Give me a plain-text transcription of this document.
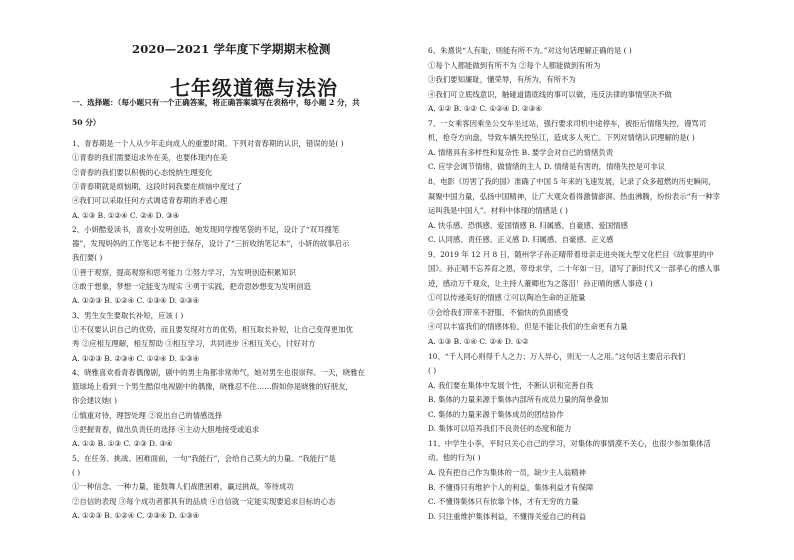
2020—2021 学年度下学期期末检测
七年级道德与法治
一、选择题：（每小题只有一个正确答案，将正确答案填写在表格中，每小题 2 分，共
50 分）
1、青春期是一个人从少年走向成人的重要时期。下列对青春期的认识，错误的是( )
①青春的我们需要追求外在美，也要体现内在美
②青春的我们要以积极的心态悦纳生理变化
③青春期就是烦恼期，这段时间我要在烦恼中度过了
④我们可以采取任何方式调适青春期的矛盾心理
A. ①③ B. ①②④ C. ②④ D. ③④
2、小妍酷爱读书，喜欢小发明创造，她发现同学搜笔袋的不足，设计了“双耳搜笔
器”，发现妈妈的工作笔记本不便于保存，设计了“三折收纳笔记本”，小妍的故事启示
我们要( )
①善于观察，提高观察和思考能力 ②努力学习，为发明创造积累知识
③敢于想象，梦想一定能变为现实 ④勇于实践，把奇思妙想变为发明创造
A. ①②③ B. ①②④ C. ①③④ D. ②③④
3、男生女生要取长补短，应该 ( )
①不仅要认识自己的优势，而且要发现对方的优势，相互取长补短，让自己变得更加优
秀 ②应相互理解，相互帮助 ③相互学习，共同进步 ④相互关心，讨好对方
A. ①②③ B. ②③④ C. ①②④ D. ①③④
4、晓雅喜欢看青春偶像剧，剧中的男主角都非常帅气，她对男生也很崇拜。一天，晓雅在
篮球场上看到一个男生酷似电视剧中的偶像，晓雅忍不住……假如你是晓雅的好朋友，
你会建议她( )
①慎重对待，理智处理 ②说出自己的情感选择
③把握青春，做出负责任的选择 ④主动大胆地接受或追求
A. ①② B. ①③ C. ②③ D. ③④
5、在任务、挑战、困难面前，一句“我能行”，会给自己莫大的力量。“我能行”是
( )
①一种信念、一种力量，能鼓舞人们战胜困难，赢过挑战，等待成功
②自信的表现 ③每个成功者都具有的品质 ④自信就一定能实现要追求目标的心态
A. ①②③ B. ①②④ C. ②③④ D. ①③④
6、朱熹说“人有耻，则能有所不为。”对这句话理解正确的是 ( )
①每个人都能做到有所不为 ②每个人都能做到有所为
③我们要知廉耻，懂荣辱，有所为，有所不为
④我们可立底线意识，触碰道德底线的事可以做，违反法律的事情坚决不做
A. ①② B. ①② C. ①②④ D. ②③④
7、一女乘客因乘坐公交车坐过站，强行要求司机中途停车，被拒后情绪失控，谩骂司
机，抢夺方向盘，导致车辆失控坠江，造成多人死亡。下列对情绪认识理解的是( )
A. 情绪具有多样性和复杂性 B. 要学会对自己的情绪负责
C. 应学会调节情绪，做情绪的主人 D. 情绪是有害的，情绪失控是可非议
8、电影《厉害了我的国》准确了中国 5 年来的飞速发展，记录了众多超燃的历史瞬间，
凝聚中国力量，弘扬中国精神，让广大观众看得激情澎湃、热血沸腾，纷纷表示“有一种幸
运叫我是中国人”。材料中体现的情感是 ( )
A. 快乐感、恐惧感、爱国情感 B. 归属感、自豪感、爱国情感
C. 认同感、责任感、正义感 D. 归属感、自豪感、正义感
9、2019 年 12 月 8 日，随州学子孙正晴带着母亲走进央视大型文化栏目《故事里的中
国》。孙正晴不忘养育之恩，带母求学，二十年如一日，谱写了新时代又一部孝心的感人事
迹，感动万千观众，让主持人董卿也为之落泪！孙正晴的感人事迹 ( )
①可以传递美好的情感 ②可以陶冶生命的正能量
③会给我们带来不舒服、不愉快的负面感受
④可以丰富我们的情感体验，但是不能让我们的生命更有力量
A. ①③ B. ①④ C. ②④ D. ①②
10、“千人同心则得千人之力；万人异心，则无一人之用。”这句话主要启示我们
( )
A. 我们要在集体中发展个性，不断认识和完善自我
B. 集体的力量来源于集体内部所有成员力量的简单叠加
C. 集体的力量来源于集体成员的团结协作
D. 集体可以培养我们不良责任的态度和能力
11、中学生小李，平时只关心自己的学习，对集体的事情漠不关心，也很少参加集体活
动。他的行为( )
A. 没有把自己作为集体的一员，缺少主人翁精神
B. 不懂得只有维护个人的利益，集体利益才有保障
C. 不懂得集体只有依靠个体，才有无穷的力量
D. 只注重维护集体利益，不懂得关爱自己的利益
